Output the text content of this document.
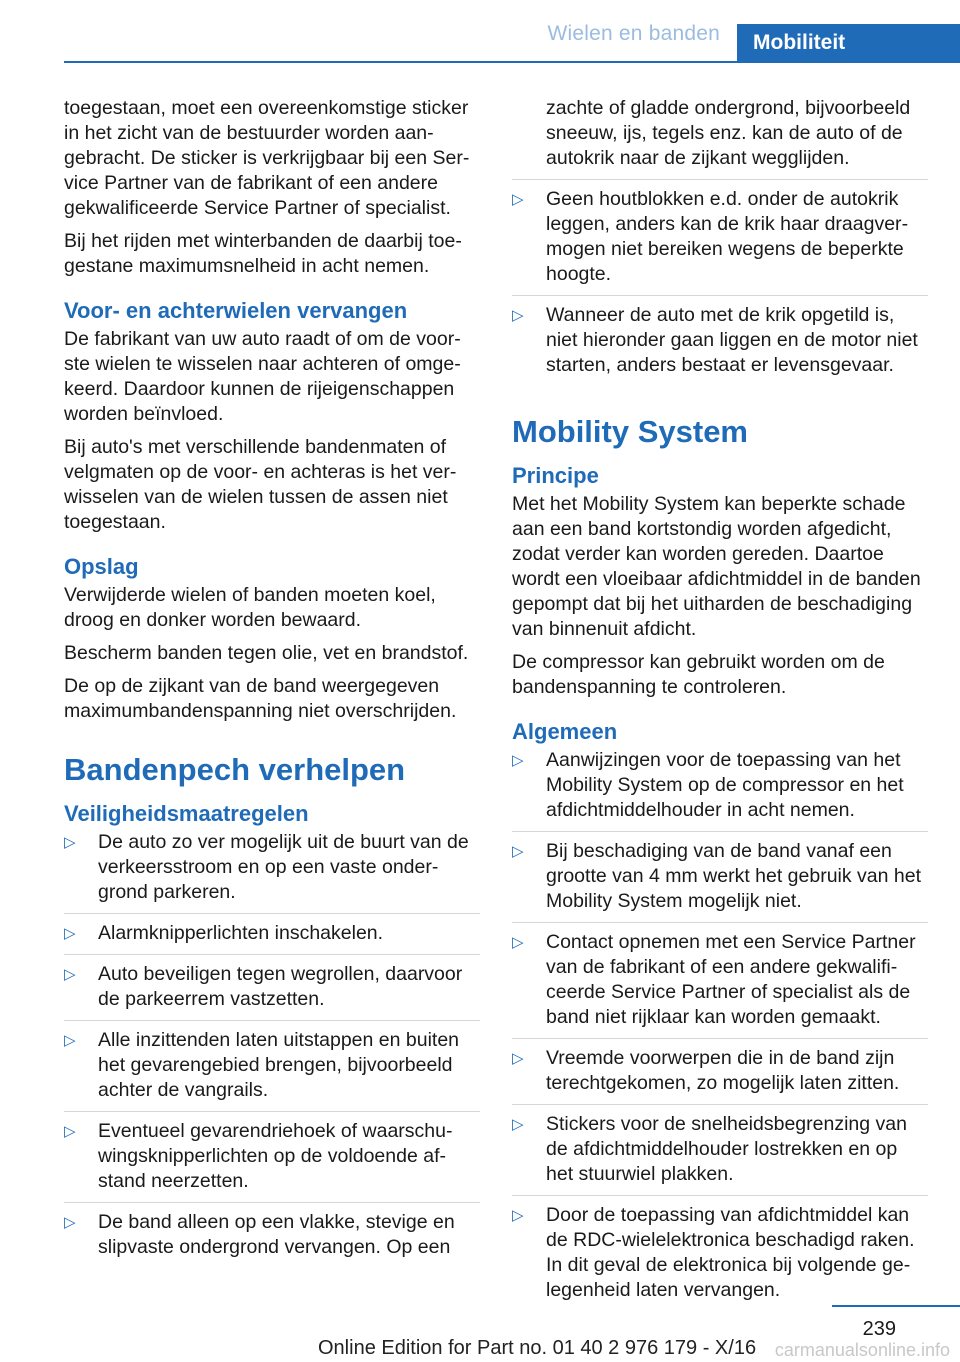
Wielen en banden	Mobiliteit

toegestaan, moet een overeenkomstige sticker in het zicht van de bestuurder worden aangebracht. De sticker is verkrijgbaar bij een Service Partner van de fabrikant of een andere gekwalificeerde Service Partner of specialist.

Bij het rijden met winterbanden de daarbij toegestane maximumsnelheid in acht nemen.

Voor- en achterwielen vervangen

De fabrikant van uw auto raadt of om de voorste wielen te wisselen naar achteren of omgekeerd. Daardoor kunnen de rijeigenschappen worden beïnvloed.

Bij auto's met verschillende bandenmaten of velgmaten op de voor- en achteras is het verwisselen van de wielen tussen de assen niet toegestaan.

Opslag

Verwijderde wielen of banden moeten koel, droog en donker worden bewaard.

Bescherm banden tegen olie, vet en brandstof.

De op de zijkant van de band weergegeven maximumbandenspanning niet overschrijden.

Bandenpech verhelpen
Veiligheidsmaatregelen
▷ De auto zo ver mogelijk uit de buurt van de verkeersstroom en op een vaste ondergrond parkeren.
▷ Alarmknipperlichten inschakelen.
▷ Auto beveiligen tegen wegrollen, daarvoor de parkeerrem vastzetten.
▷ Alle inzittenden laten uitstappen en buiten het gevarengebied brengen, bijvoorbeeld achter de vangrails.
▷ Eventueel gevarendriehoek of waarschuwingsknipperlichten op de voldoende afstand neerzetten.
▷ De band alleen op een vlakke, stevige en slipvaste ondergrond vervangen. Op een
zachte of gladde ondergrond, bijvoorbeeld sneeuw, ijs, tegels enz. kan de auto of de autokrik naar de zijkant wegglijden.
▷ Geen houtblokken e.d. onder de autokrik leggen, anders kan de krik haar draagvermogen niet bereiken wegens de beperkte hoogte.
▷ Wanneer de auto met de krik opgetild is, niet hieronder gaan liggen en de motor niet starten, anders bestaat er levensgevaar.
Mobility System
Principe

Met het Mobility System kan beperkte schade aan een band kortstondig worden afgedicht, zodat verder kan worden gereden. Daartoe wordt een vloeibaar afdichtmiddel in de banden gepompt dat bij het uitharden de beschadiging van binnenuit afdicht.

De compressor kan gebruikt worden om de bandenspanning te controleren.

Algemeen
▷ Aanwijzingen voor de toepassing van het Mobility System op de compressor en het afdichtmiddelhouder in acht nemen.
▷ Bij beschadiging van de band vanaf een grootte van 4 mm werkt het gebruik van het Mobility System mogelijk niet.
▷ Contact opnemen met een Service Partner van de fabrikant of een andere gekwalificeerde Service Partner of specialist als de band niet rijklaar kan worden gemaakt.
▷ Vreemde voorwerpen die in de band zijn terechtgekomen, zo mogelijk laten zitten.
▷ Stickers voor de snelheidsbegrenzing van de afdichtmiddelhouder lostrekken en op het stuurwiel plakken.
▷ Door de toepassing van afdichtmiddel kan de RDC-wielelektronica beschadigd raken. In dit geval de elektronica bij volgende gelegenheid laten vervangen.
239
Online Edition for Part no. 01 40 2 976 179 - X/16 carmanualsonline.info
